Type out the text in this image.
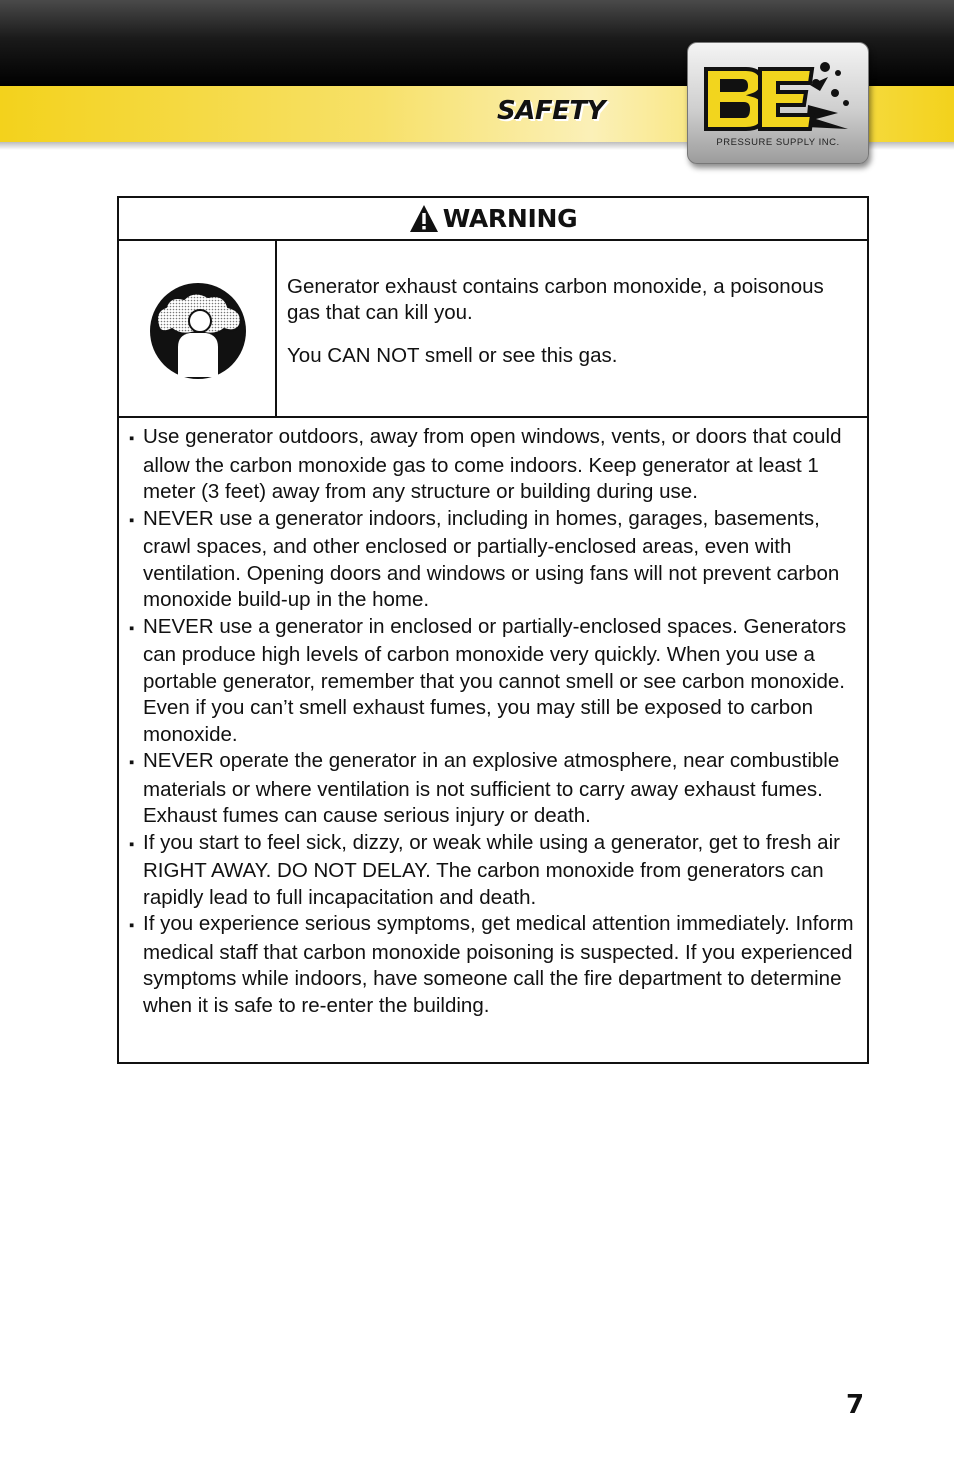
SAFETY
PRESSURE SUPPLY INC.
WARNING

Generator exhaust contains carbon monoxide, a poisonous gas that can kill you.

You CAN NOT smell or see this gas.

▪ Use generator outdoors, away from open windows, vents, or doors that could allow the carbon monoxide gas to come indoors. Keep generator at least 1 meter (3 feet) away from any structure or building during use.
▪ NEVER use a generator indoors, including in homes, garages, basements, crawl spaces, and other enclosed or partially-enclosed areas, even with ventilation. Opening doors and windows or using fans will not prevent carbon monoxide build-up in the home.
▪ NEVER use a generator in enclosed or partially-enclosed spaces. Generators can produce high levels of carbon monoxide very quickly. When you use a portable generator, remember that you cannot smell or see carbon monoxide. Even if you can’t smell exhaust fumes, you may still be exposed to carbon monoxide.
▪ NEVER operate the generator in an explosive atmosphere, near combustible materials or where ventilation is not sufficient to carry away exhaust fumes. Exhaust fumes can cause serious injury or death.
▪ If you start to feel sick, dizzy, or weak while using a generator, get to fresh air RIGHT AWAY. DO NOT DELAY. The carbon monoxide from generators can rapidly lead to full incapacitation and death.
▪ If you experience serious symptoms, get medical attention immediately. Inform medical staff that carbon monoxide poisoning is suspected. If you experienced symptoms while indoors, have someone call the fire department to determine when it is safe to re-enter the building.
7
